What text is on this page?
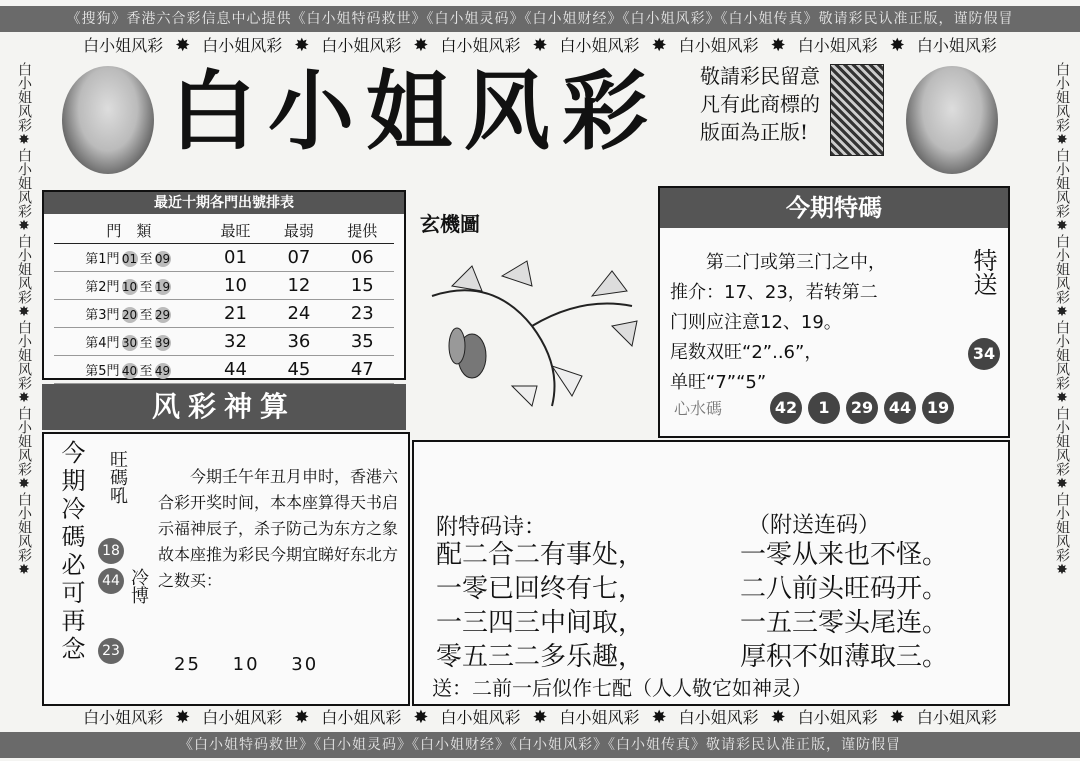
《搜狗》香港六合彩信息中心提供《白小姐特码救世》《白小姐灵码》《白小姐财经》《白小姐风彩》《白小姐传真》敬请彩民认准正版，谨防假冒
白小姐风彩 ✸ 白小姐风彩 ✸ 白小姐风彩 ✸ 白小姐风彩 ✸ 白小姐风彩 ✸ 白小姐风彩 ✸ 白小姐风彩 ✸ 白小姐风彩
白小姐风彩✸白小姐风彩✸白小姐风彩✸白小姐风彩✸白小姐风彩✸白小姐风彩✸
白小姐风彩✸白小姐风彩✸白小姐风彩✸白小姐风彩✸白小姐风彩✸白小姐风彩✸
白小姐风彩 敬請彩民留意
凡有此商標的
版面為正版!
最近十期各門出號排表
門　類	最旺	最弱	提供
第1門 01 至 09	01	07	06
第2門 10 至 19	10	12	15
第3門 20 至 29	21	24	23
第4門 30 至 39	32	36	35
第5門 40 至 49	44	45	47
玄機圖
今期特碼
第二门或第三门之中，
推介：17、23，若转第二
门则应注意12、19。
尾数双旺“2”..6”，
单旺“7”“5”
特送
34
心水碼	42 1 29 44 19
风彩神算
今期冷碼必可再念	旺碼吼
18
44 冷博
23
今期壬午年丑月申时，香港六合彩开奖时间，本本座算得天书启示福神辰子，杀子防己为东方之象故本座推为彩民今期宜睇好东北方之数买：
25 10 30
附特码诗：	（附送连码）
配二合二有事处，
一零已回终有七，
一三四三中间取，
零五三二多乐趣，
一零从来也不怪。
二八前头旺码开。
一五三零头尾连。
厚积不如薄取三。
送：二前一后似作七配（人人敬它如神灵）
白小姐风彩 ✸ 白小姐风彩 ✸ 白小姐风彩 ✸ 白小姐风彩 ✸ 白小姐风彩 ✸ 白小姐风彩 ✸ 白小姐风彩 ✸ 白小姐风彩
《白小姐特码救世》《白小姐灵码》《白小姐财经》《白小姐风彩》《白小姐传真》敬请彩民认准正版，谨防假冒
